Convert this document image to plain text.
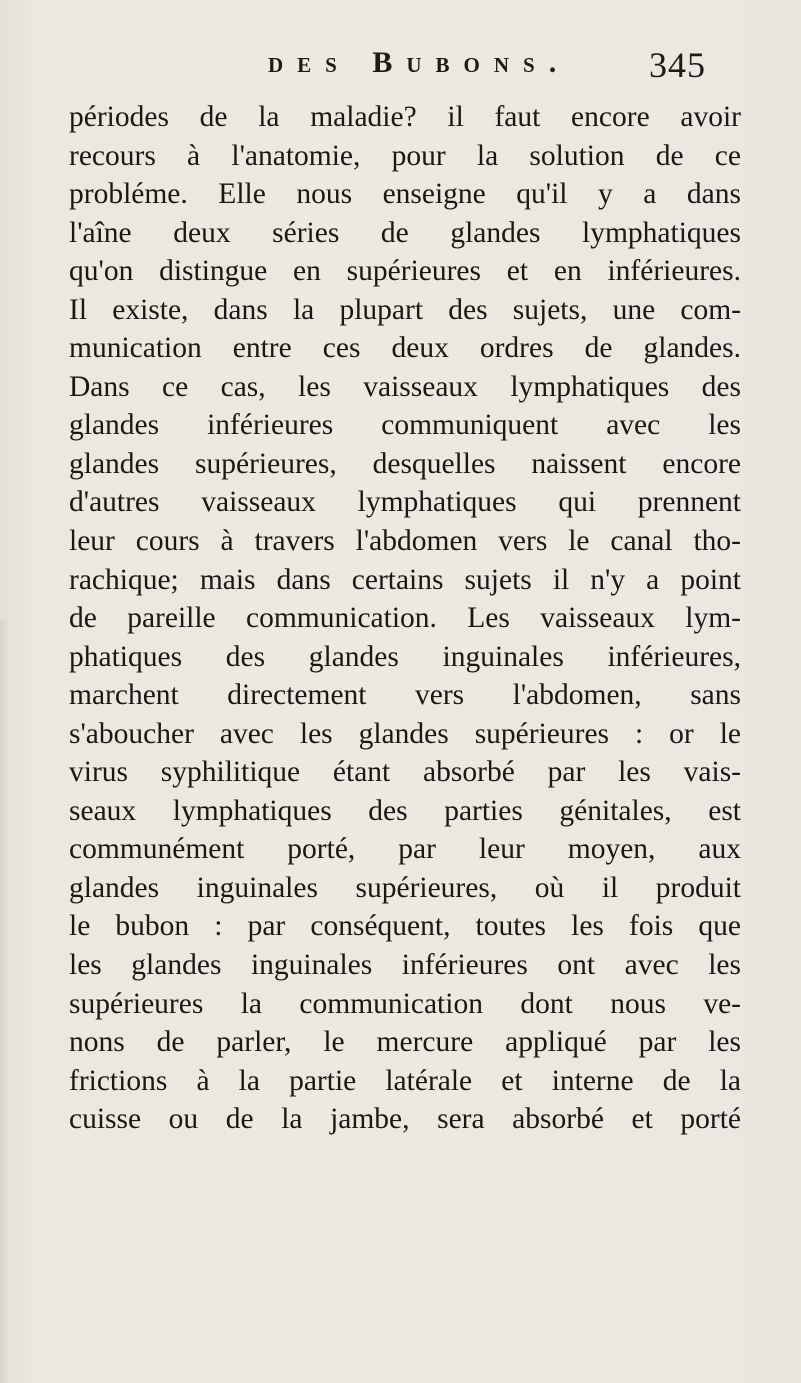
des Bubons. 345
périodes de la maladie? il faut encore avoir
recours à l'anatomie, pour la solution de ce
probléme. Elle nous enseigne qu'il y a dans
l'aîne deux séries de glandes lymphatiques
qu'on distingue en supérieures et en inférieures.
Il existe, dans la plupart des sujets, une com-
munication entre ces deux ordres de glandes.
Dans ce cas, les vaisseaux lymphatiques des
glandes inférieures communiquent avec les
glandes supérieures, desquelles naissent encore
d'autres vaisseaux lymphatiques qui prennent
leur cours à travers l'abdomen vers le canal tho-
rachique; mais dans certains sujets il n'y a point
de pareille communication. Les vaisseaux lym-
phatiques des glandes inguinales inférieures,
marchent directement vers l'abdomen, sans
s'aboucher avec les glandes supérieures : or le
virus syphilitique étant absorbé par les vais-
seaux lymphatiques des parties génitales, est
communément porté, par leur moyen, aux
glandes inguinales supérieures, où il produit
le bubon : par conséquent, toutes les fois que
les glandes inguinales inférieures ont avec les
supérieures la communication dont nous ve-
nons de parler, le mercure appliqué par les
frictions à la partie latérale et interne de la
cuisse ou de la jambe, sera absorbé et porté
